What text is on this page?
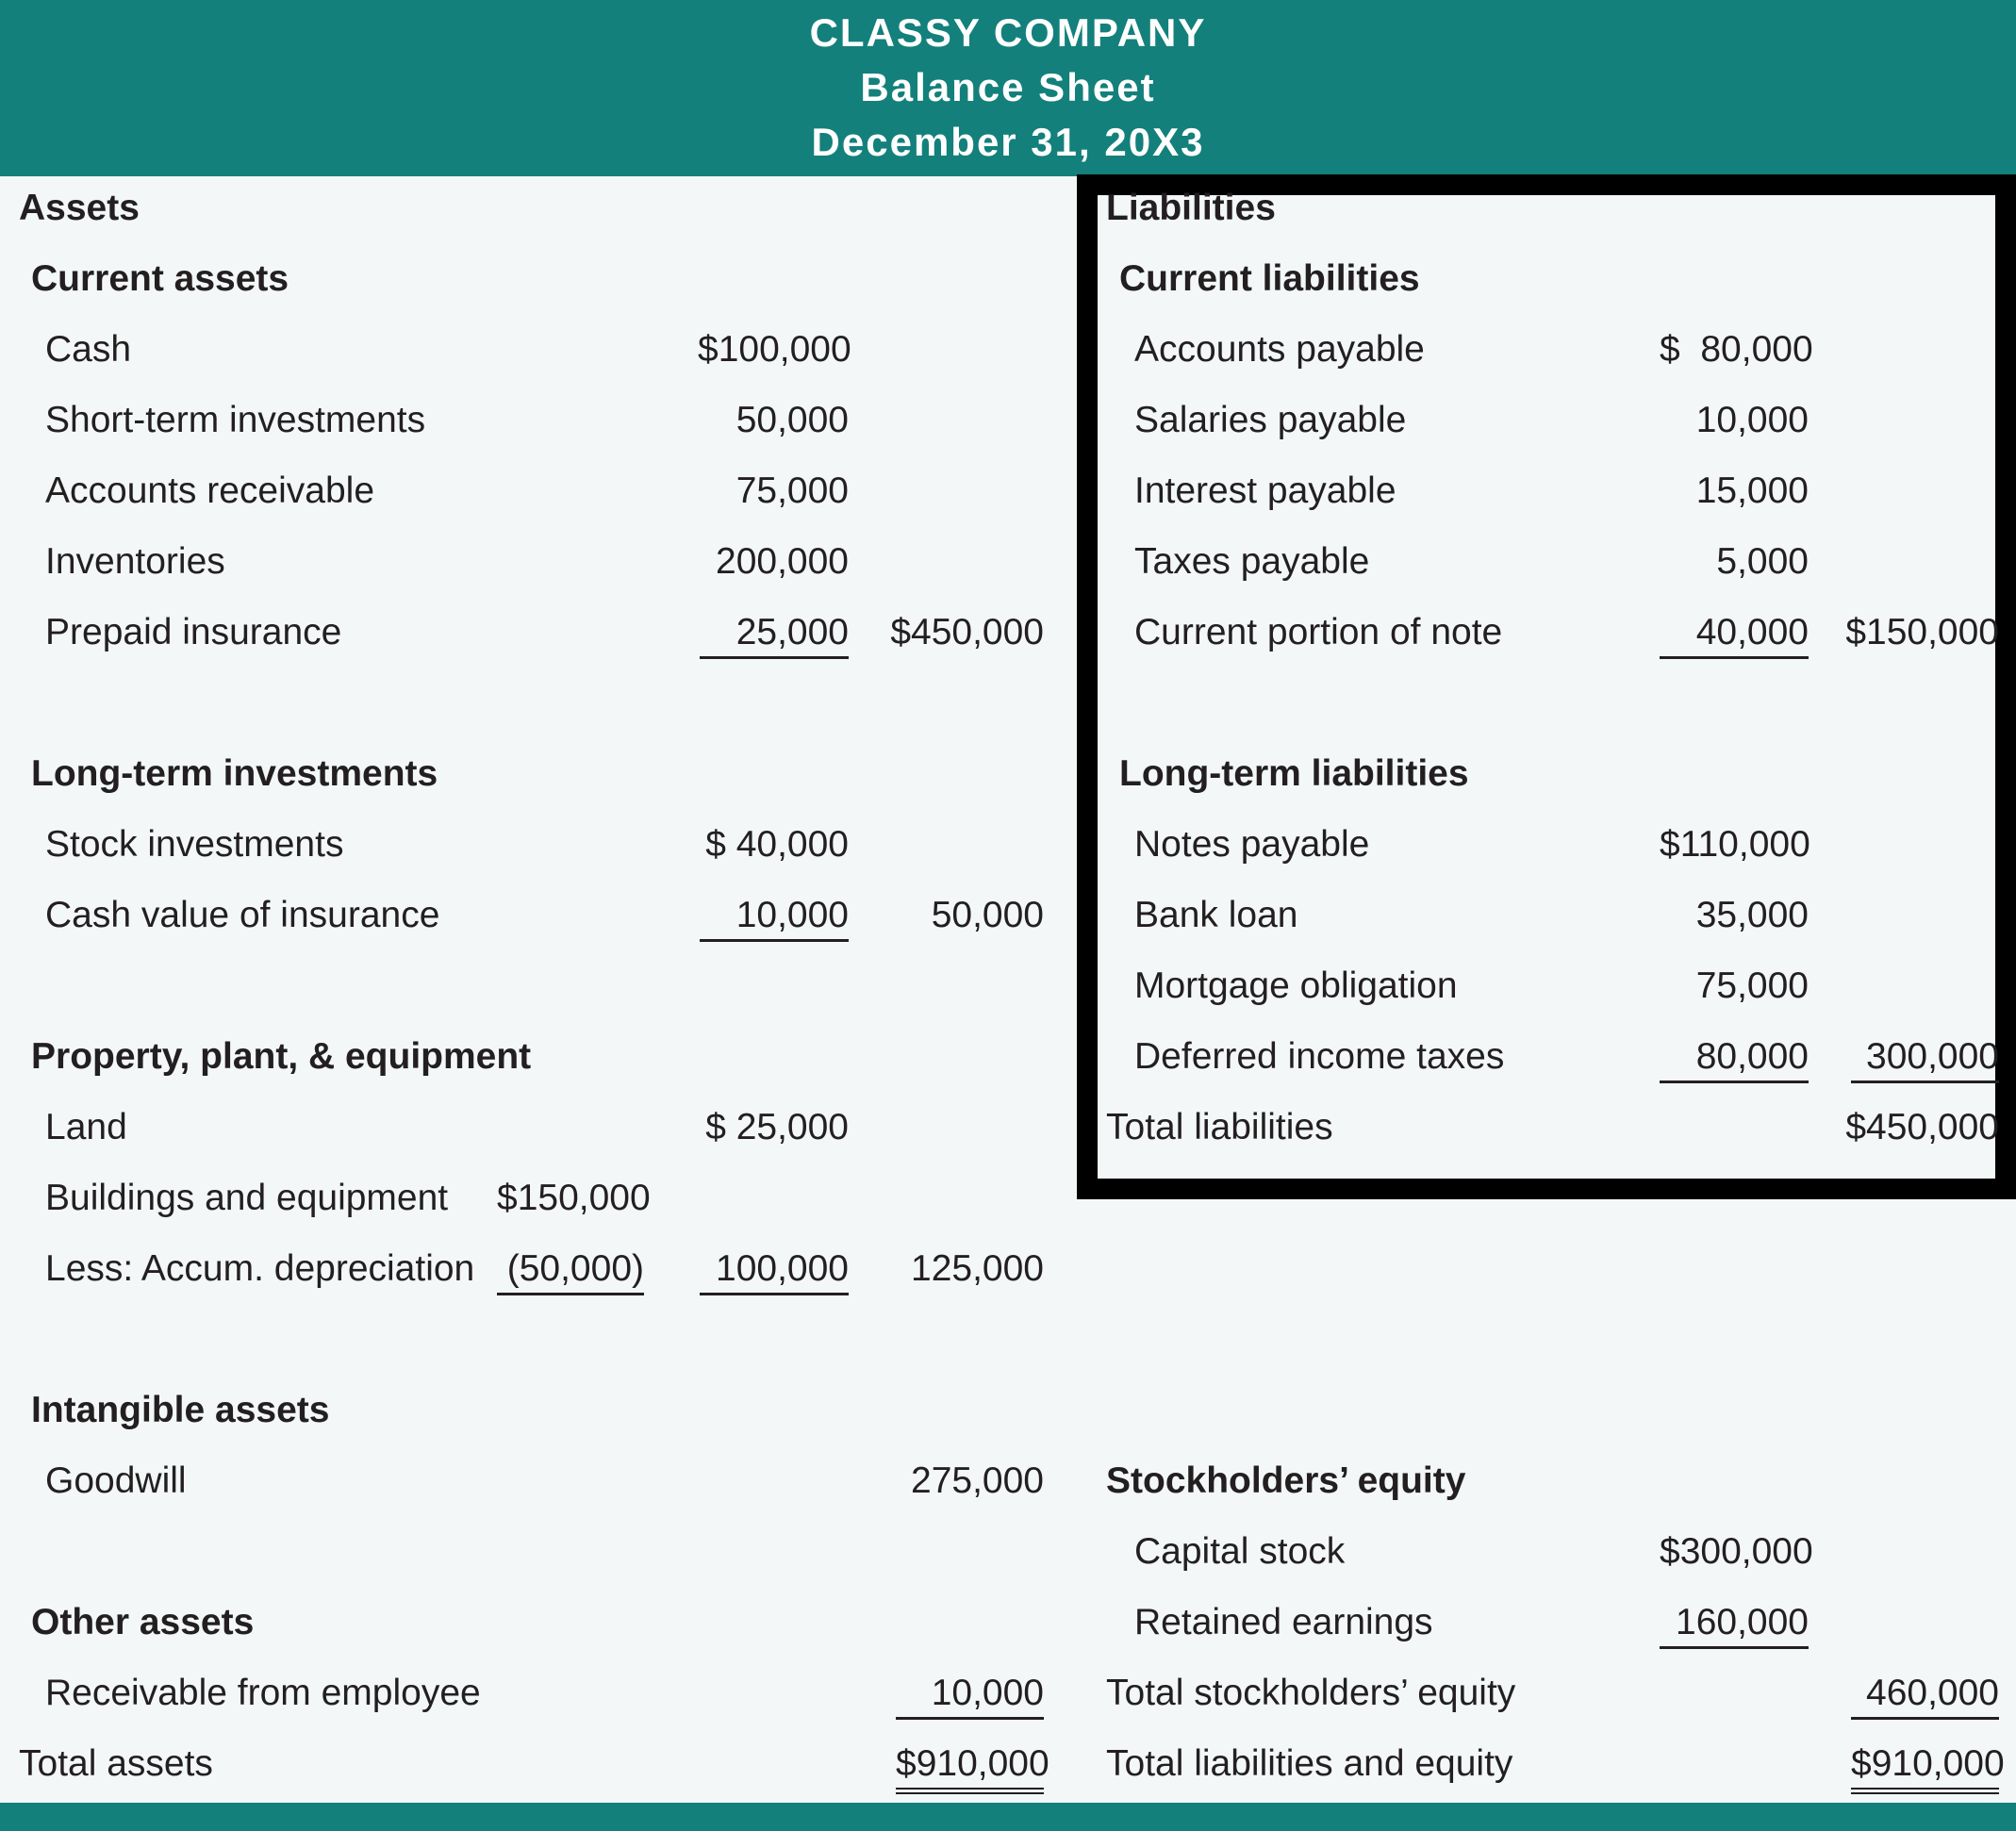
CLASSY COMPANY
Balance Sheet
December 31, 20X3
Assets
Current assets
Cash	$100,000
Short-term investments	50,000
Accounts receivable	75,000
Inventories	200,000
Prepaid insurance	25,000	$450,000
Long-term investments
Stock investments	$ 40,000
Cash value of insurance	10,000	50,000
Property, plant, & equipment
Land	$ 25,000
Buildings and equipment $150,000
Less: Accum. depreciation (50,000)	100,000	125,000
Intangible assets
Goodwill	275,000
Other assets
Receivable from employee	10,000
Total assets	$910,000
Liabilities
Current liabilities
Accounts payable	$  80,000
Salaries payable	10,000
Interest payable	15,000
Taxes payable	5,000
Current portion of note	40,000	$150,000
Long-term liabilities
Notes payable	$110,000
Bank loan	35,000
Mortgage obligation	75,000
Deferred income taxes	80,000	300,000
Total liabilities	$450,000
Stockholders’ equity
Capital stock	$300,000
Retained earnings	160,000
Total stockholders’ equity	460,000
Total liabilities and equity	$910,000
